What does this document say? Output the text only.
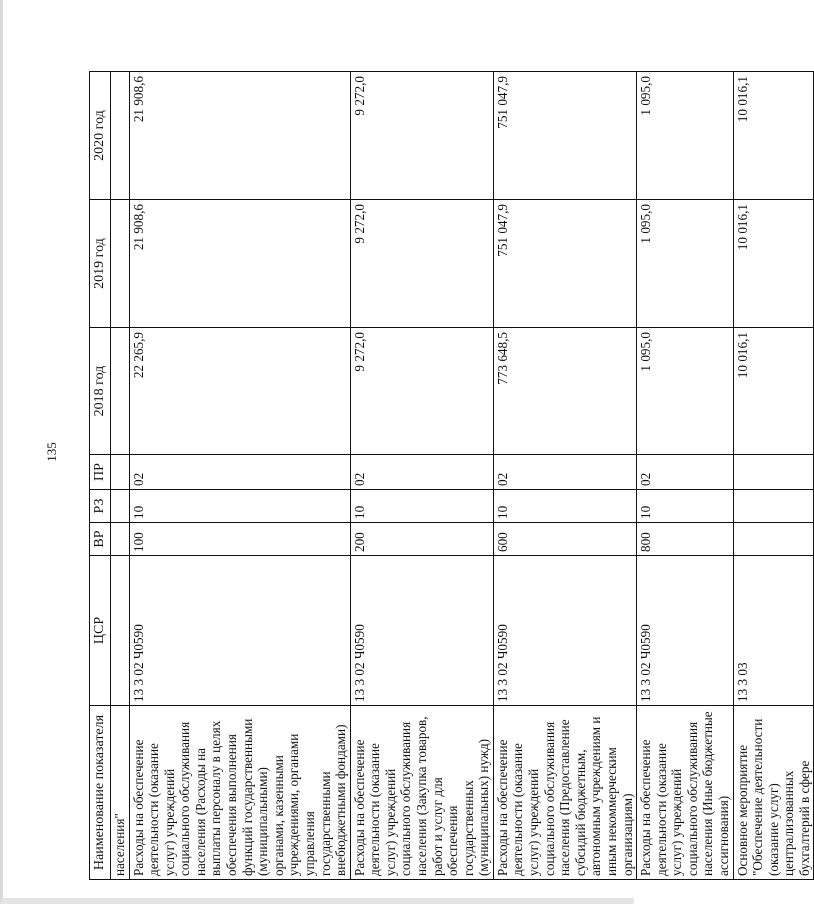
135
Наименование показателя	ЦСР	ВР	РЗ	ПР	2018 год	2019 год	2020 год
населения"							
Расходы на обеспечение деятельности (оказание услуг) учреждений социального обслуживания населения (Расходы на выплаты персоналу в целях обеспечения выполнения функций государственными (муниципальными) органами, казенными учреждениями, органами управления государственными внебюджетными фондами)	13 3 02 Ч0590	100	10	02	22 265,9	21 908,6	21 908,6
Расходы на обеспечение деятельности (оказание услуг) учреждений социального обслуживания населения (Закупка товаров, работ и услуг для обеспечения государственных (муниципальных) нужд)	13 3 02 Ч0590	200	10	02	9 272,0	9 272,0	9 272,0
Расходы на обеспечение деятельности (оказание услуг) учреждений социального обслуживания населения (Предоставление субсидий бюджетным, автономным учреждениям и иным некоммерческим организациям)	13 3 02 Ч0590	600	10	02	773 648,5	751 047,9	751 047,9
Расходы на обеспечение деятельности (оказание услуг) учреждений социального обслуживания населения (Иные бюджетные ассигнования)	13 3 02 Ч0590	800	10	02	1 095,0	1 095,0	1 095,0
Основное мероприятие "Обеспечение деятельности (оказание услуг) централизованных бухгалтерий в сфере	13 3 03				10 016,1	10 016,1	10 016,1
